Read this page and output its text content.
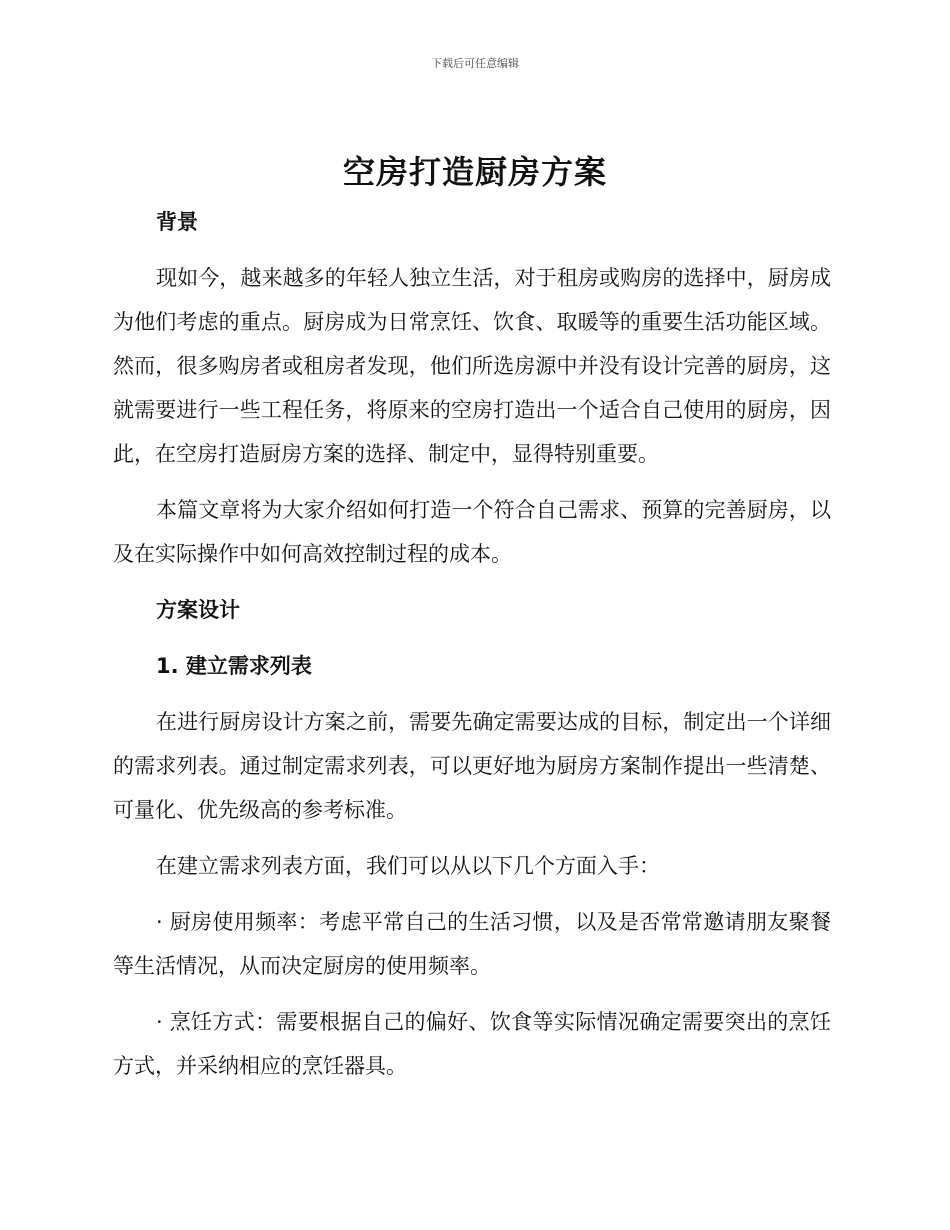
下载后可任意编辑
空房打造厨房方案

背景

现如今，越来越多的年轻人独立生活，对于租房或购房的选择中，厨房成为他们考虑的重点。厨房成为日常烹饪、饮食、取暖等的重要生活功能区域。然而，很多购房者或租房者发现，他们所选房源中并没有设计完善的厨房，这就需要进行一些工程任务，将原来的空房打造出一个适合自己使用的厨房，因此，在空房打造厨房方案的选择、制定中，显得特别重要。

本篇文章将为大家介绍如何打造一个符合自己需求、预算的完善厨房，以及在实际操作中如何高效控制过程的成本。

方案设计

1. 建立需求列表

在进行厨房设计方案之前，需要先确定需要达成的目标，制定出一个详细的需求列表。通过制定需求列表，可以更好地为厨房方案制作提出一些清楚、可量化、优先级高的参考标准。

在建立需求列表方面，我们可以从以下几个方面入手：

· 厨房使用频率：考虑平常自己的生活习惯，以及是否常常邀请朋友聚餐等生活情况，从而决定厨房的使用频率。

· 烹饪方式：需要根据自己的偏好、饮食等实际情况确定需要突出的烹饪方式，并采纳相应的烹饪器具。
